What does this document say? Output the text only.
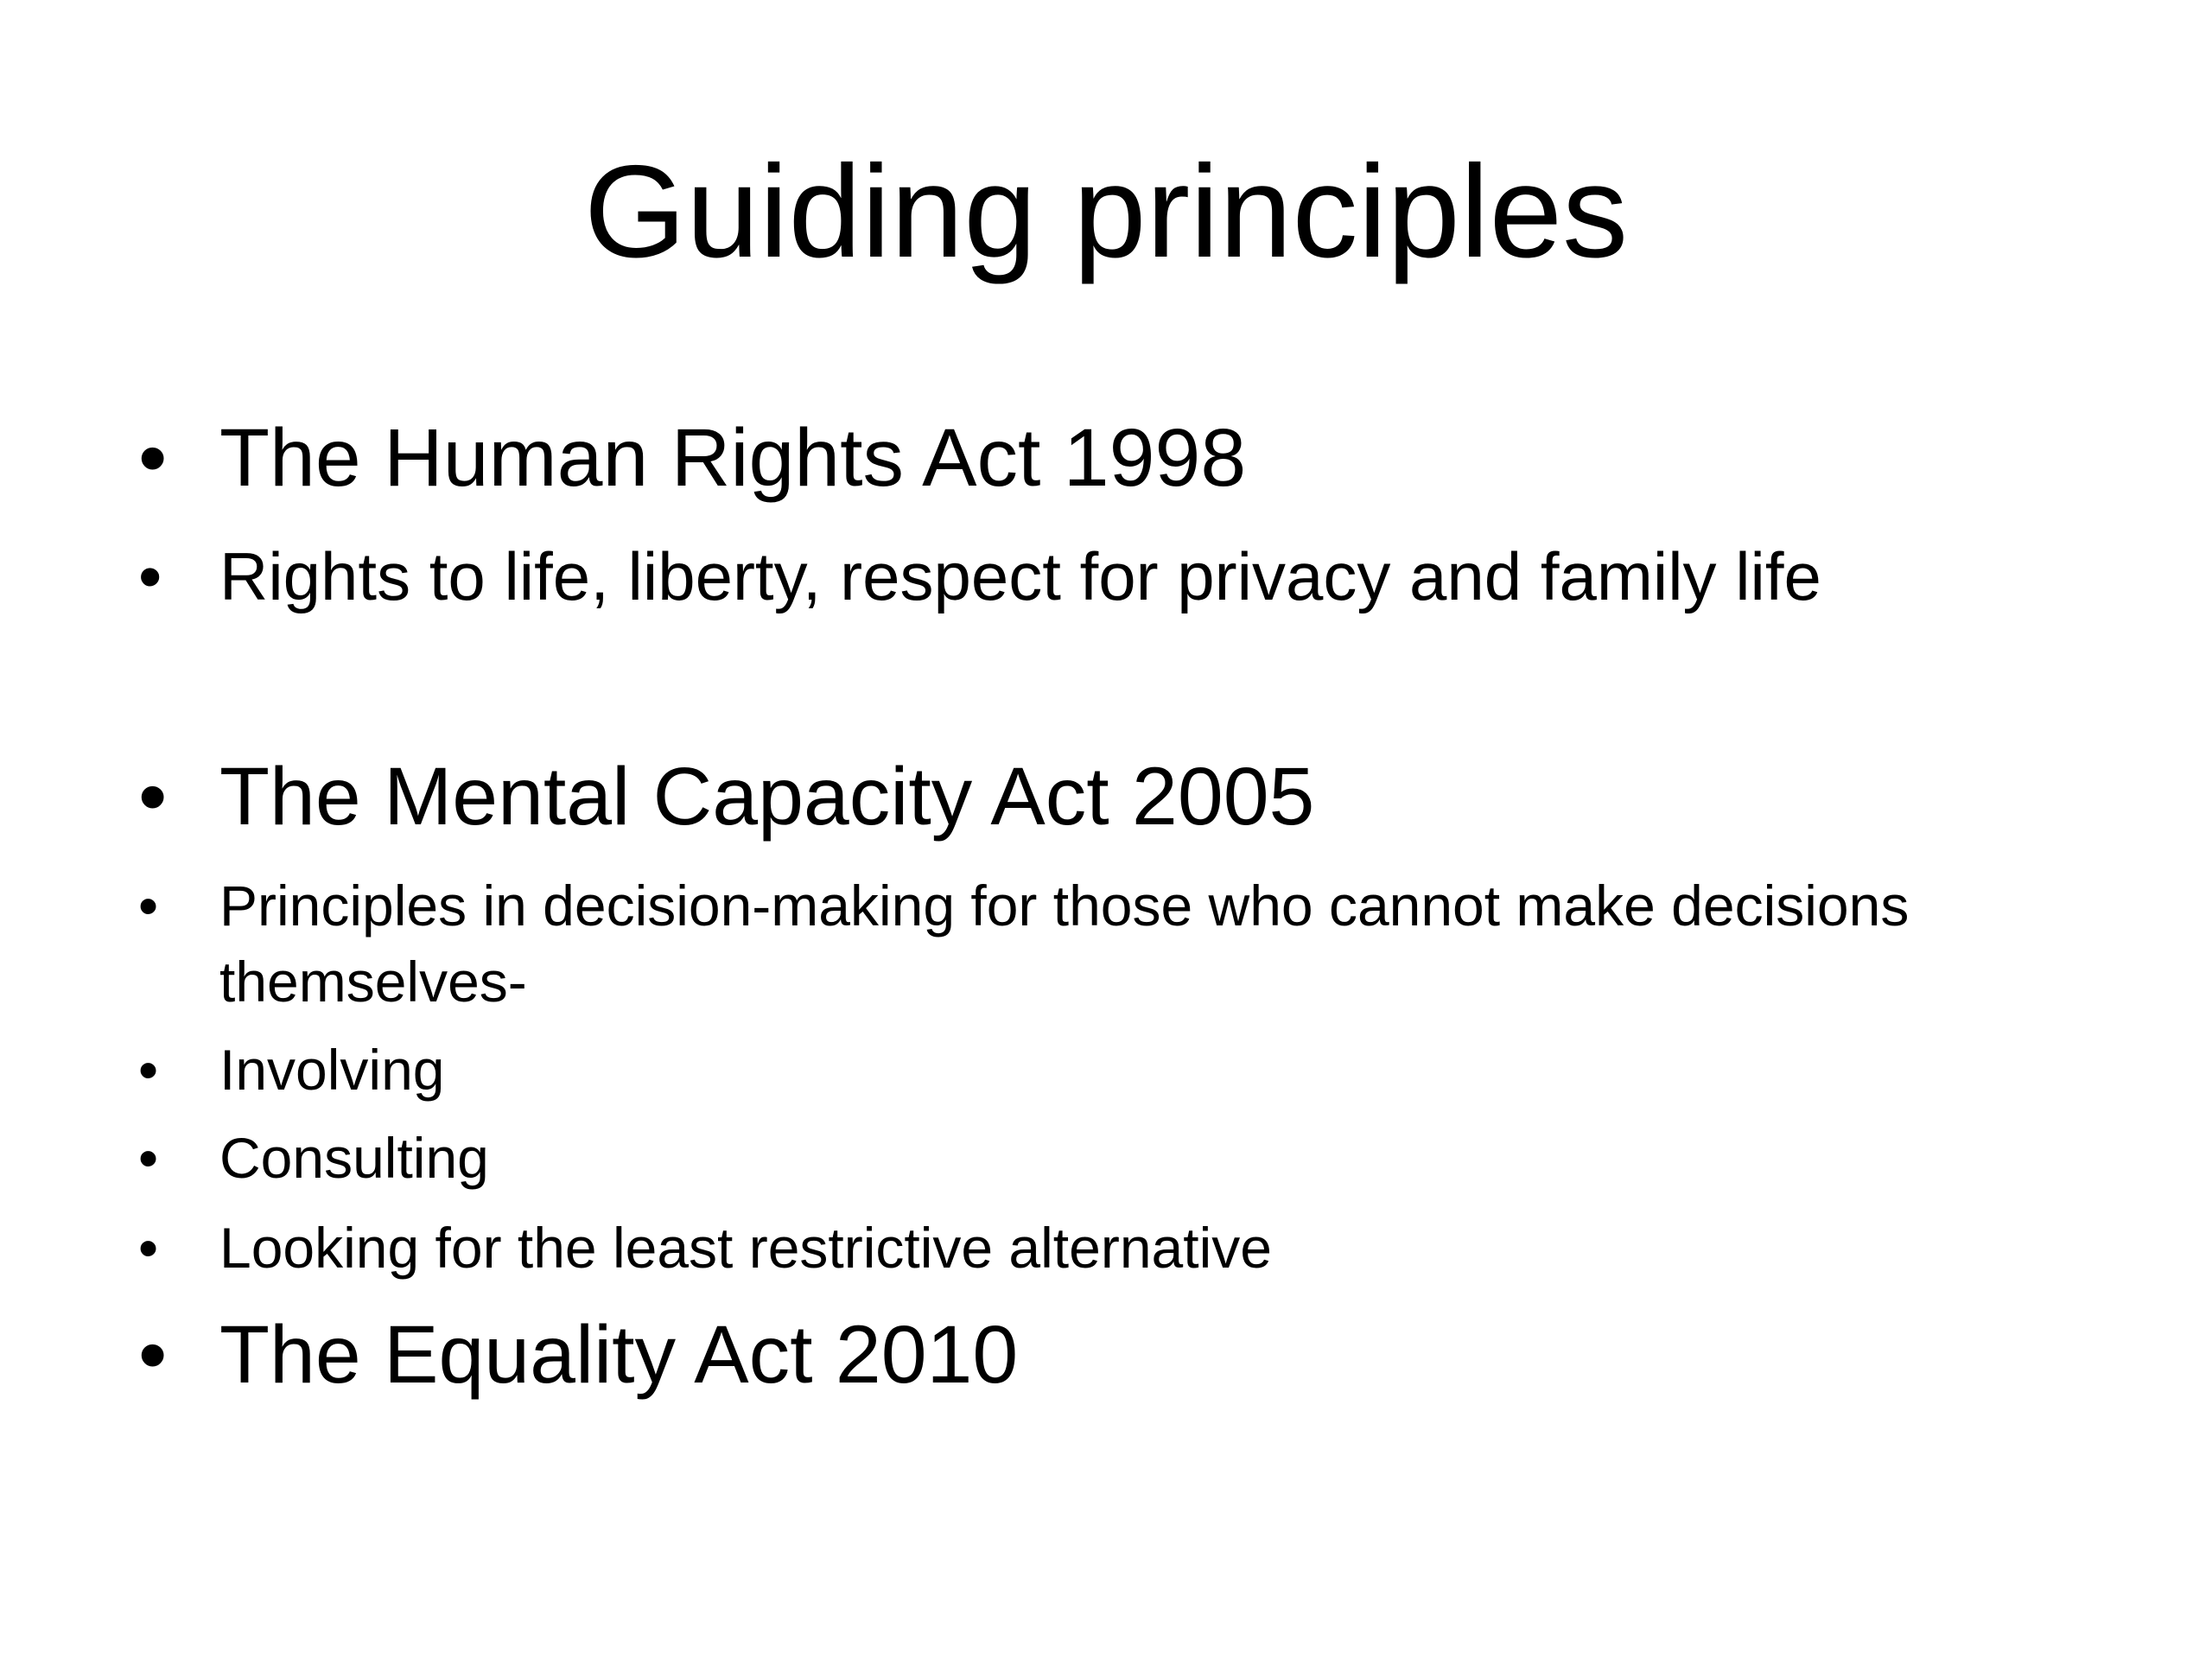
Guiding principles
• The Human Rights Act 1998
• Rights to life, liberty, respect for privacy and family life
• The Mental Capacity Act 2005
• Principles in decision-making for those who cannot make decisions themselves-
• Involving
• Consulting
• Looking for the least restrictive alternative
• The Equality Act 2010
